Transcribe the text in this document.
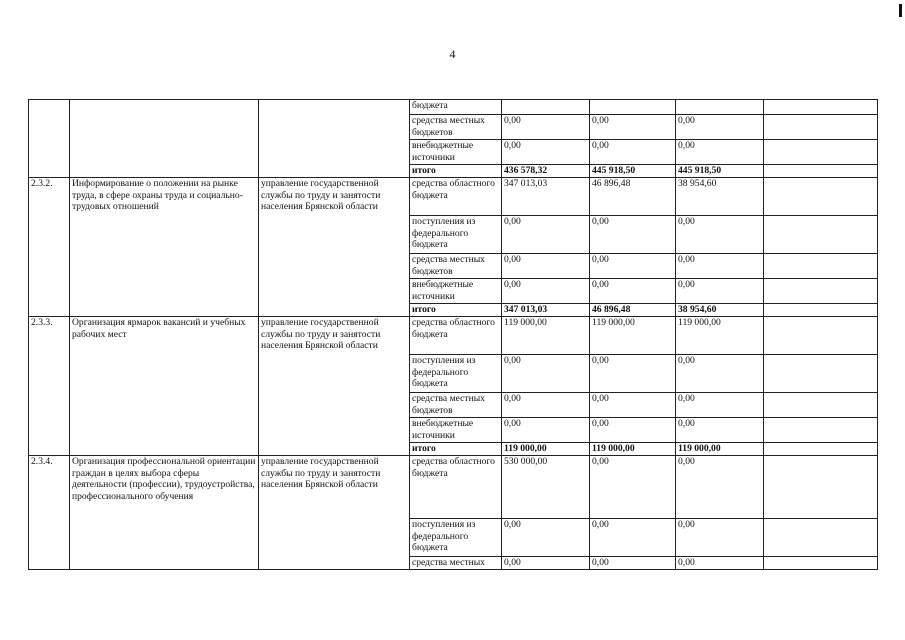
4
			бюджета				
			средства местных бюджетов	0,00	0,00	0,00	
			внебюджетные источники	0,00	0,00	0,00	
			итого	436 578,32	445 918,50	445 918,50	
2.3.2.	Информирование о положении на рынке труда, в сфере охраны труда и социально-трудовых отношений	управление государственной службы по труду и занятости населения Брянской области	средства областного бюджета	347 013,03	46 896,48	38 954,60	
			поступления из федерального бюджета	0,00	0,00	0,00	
			средства местных бюджетов	0,00	0,00	0,00	
			внебюджетные источники	0,00	0,00	0,00	
			итого	347 013,03	46 896,48	38 954,60	
2.3.3.	Организация ярмарок вакансий и учебных рабочих мест	управление государственной службы по труду и занятости населения Брянской области	средства областного бюджета	119 000,00	119 000,00	119 000,00	
			поступления из федерального бюджета	0,00	0,00	0,00	
			средства местных бюджетов	0,00	0,00	0,00	
			внебюджетные источники	0,00	0,00	0,00	
			итого	119 000,00	119 000,00	119 000,00	
2.3.4.	Организация профессиональной ориентации граждан в целях выбора сферы деятельности (профессии), трудоустройства, профессионального обучения	управление государственной службы по труду и занятости населения Брянской области	средства областного бюджета	530 000,00	0,00	0,00	
			поступления из федерального бюджета	0,00	0,00	0,00	
			средства местных	0,00	0,00	0,00	
